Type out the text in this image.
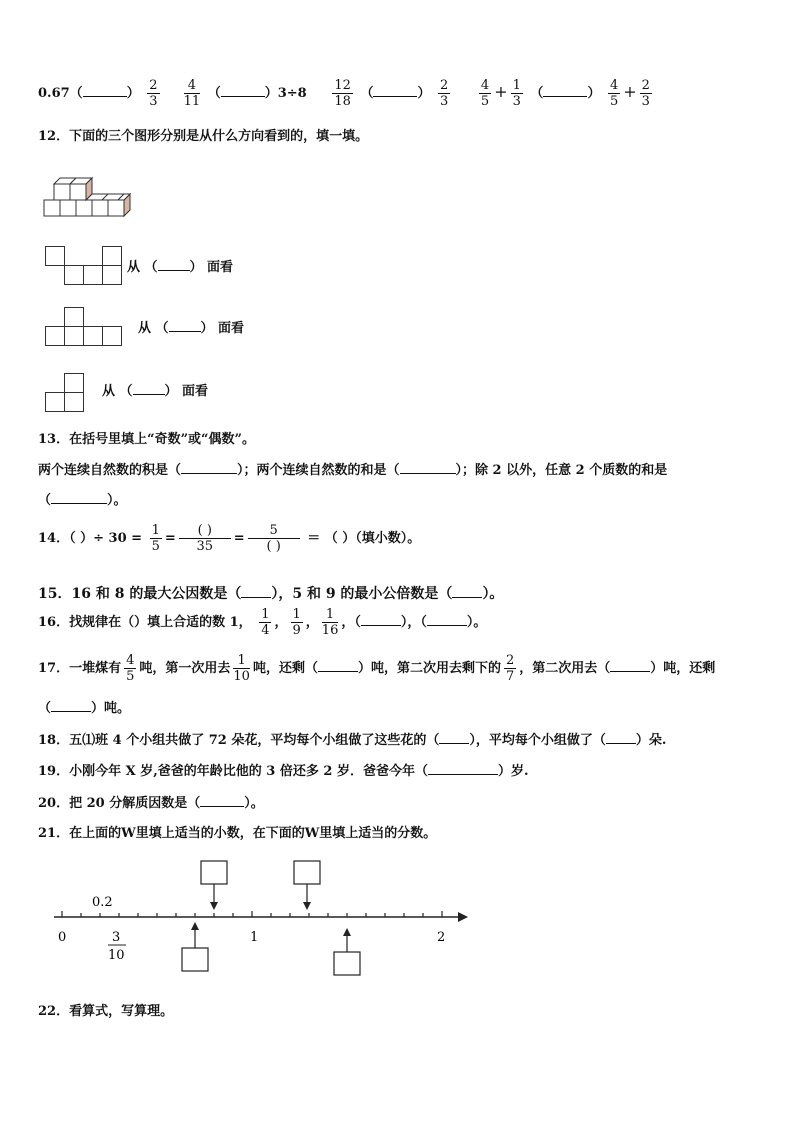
0.67（	） $\frac{2}{3}$
$\frac{4}{11}$ （	）$3\div 8 \frac{12}{18}$ （	） $\frac{2}{3}$
$\frac{4}{5} + \frac{1}{3}$ （	） $\frac{4}{5} + \frac{2}{3}$
12．下面的三个图形分别是从什么方向看到的，填一填。
从 （ ） 面看
从 （ ） 面看
从 （ ） 面看
13．在括号里填上“奇数”或“偶数”。
两个连续自然数的积是（	）；两个连续自然数的和是（	）；除 2 以外，任意 2 个质数的和是
（	）。
14．（ ）÷ $30 = \frac{1}{5} = \frac{( )}{35} = \frac{5}{( )}$ ＝ （ ）（填小数）。
15．16 和 8 的最大公因数是（ ），5 和 9 的最小公倍数是（ ）。
16．找规律在（）填上合适的数 1， $\frac{1}{4}$ ， $\frac{1}{9}$ ， $\frac{1}{16}$ ，（	），（	）。
17．一堆煤有 $\frac{4}{5}$ 吨，第一次用去 $\frac{1}{10}$ 吨，还剩（	）吨，第二次用去剩下的 $\frac{2}{7}$ ，第二次用去（	）吨，还剩
（	）吨。
18．五⑴班 4 个小组共做了 72 朵花，平均每个小组做了这些花的（ ），平均每个小组做了（ ）朵.
19．小刚今年 X 岁,爸爸的年龄比他的 3 倍还多 2 岁．爸爸今年（	）岁.
20．把 20 分解质因数是（	）。
21．在上面的W里填上适当的小数，在下面的W里填上适当的分数。
0.2
0	1	2
3
10
22．看算式，写算理。
